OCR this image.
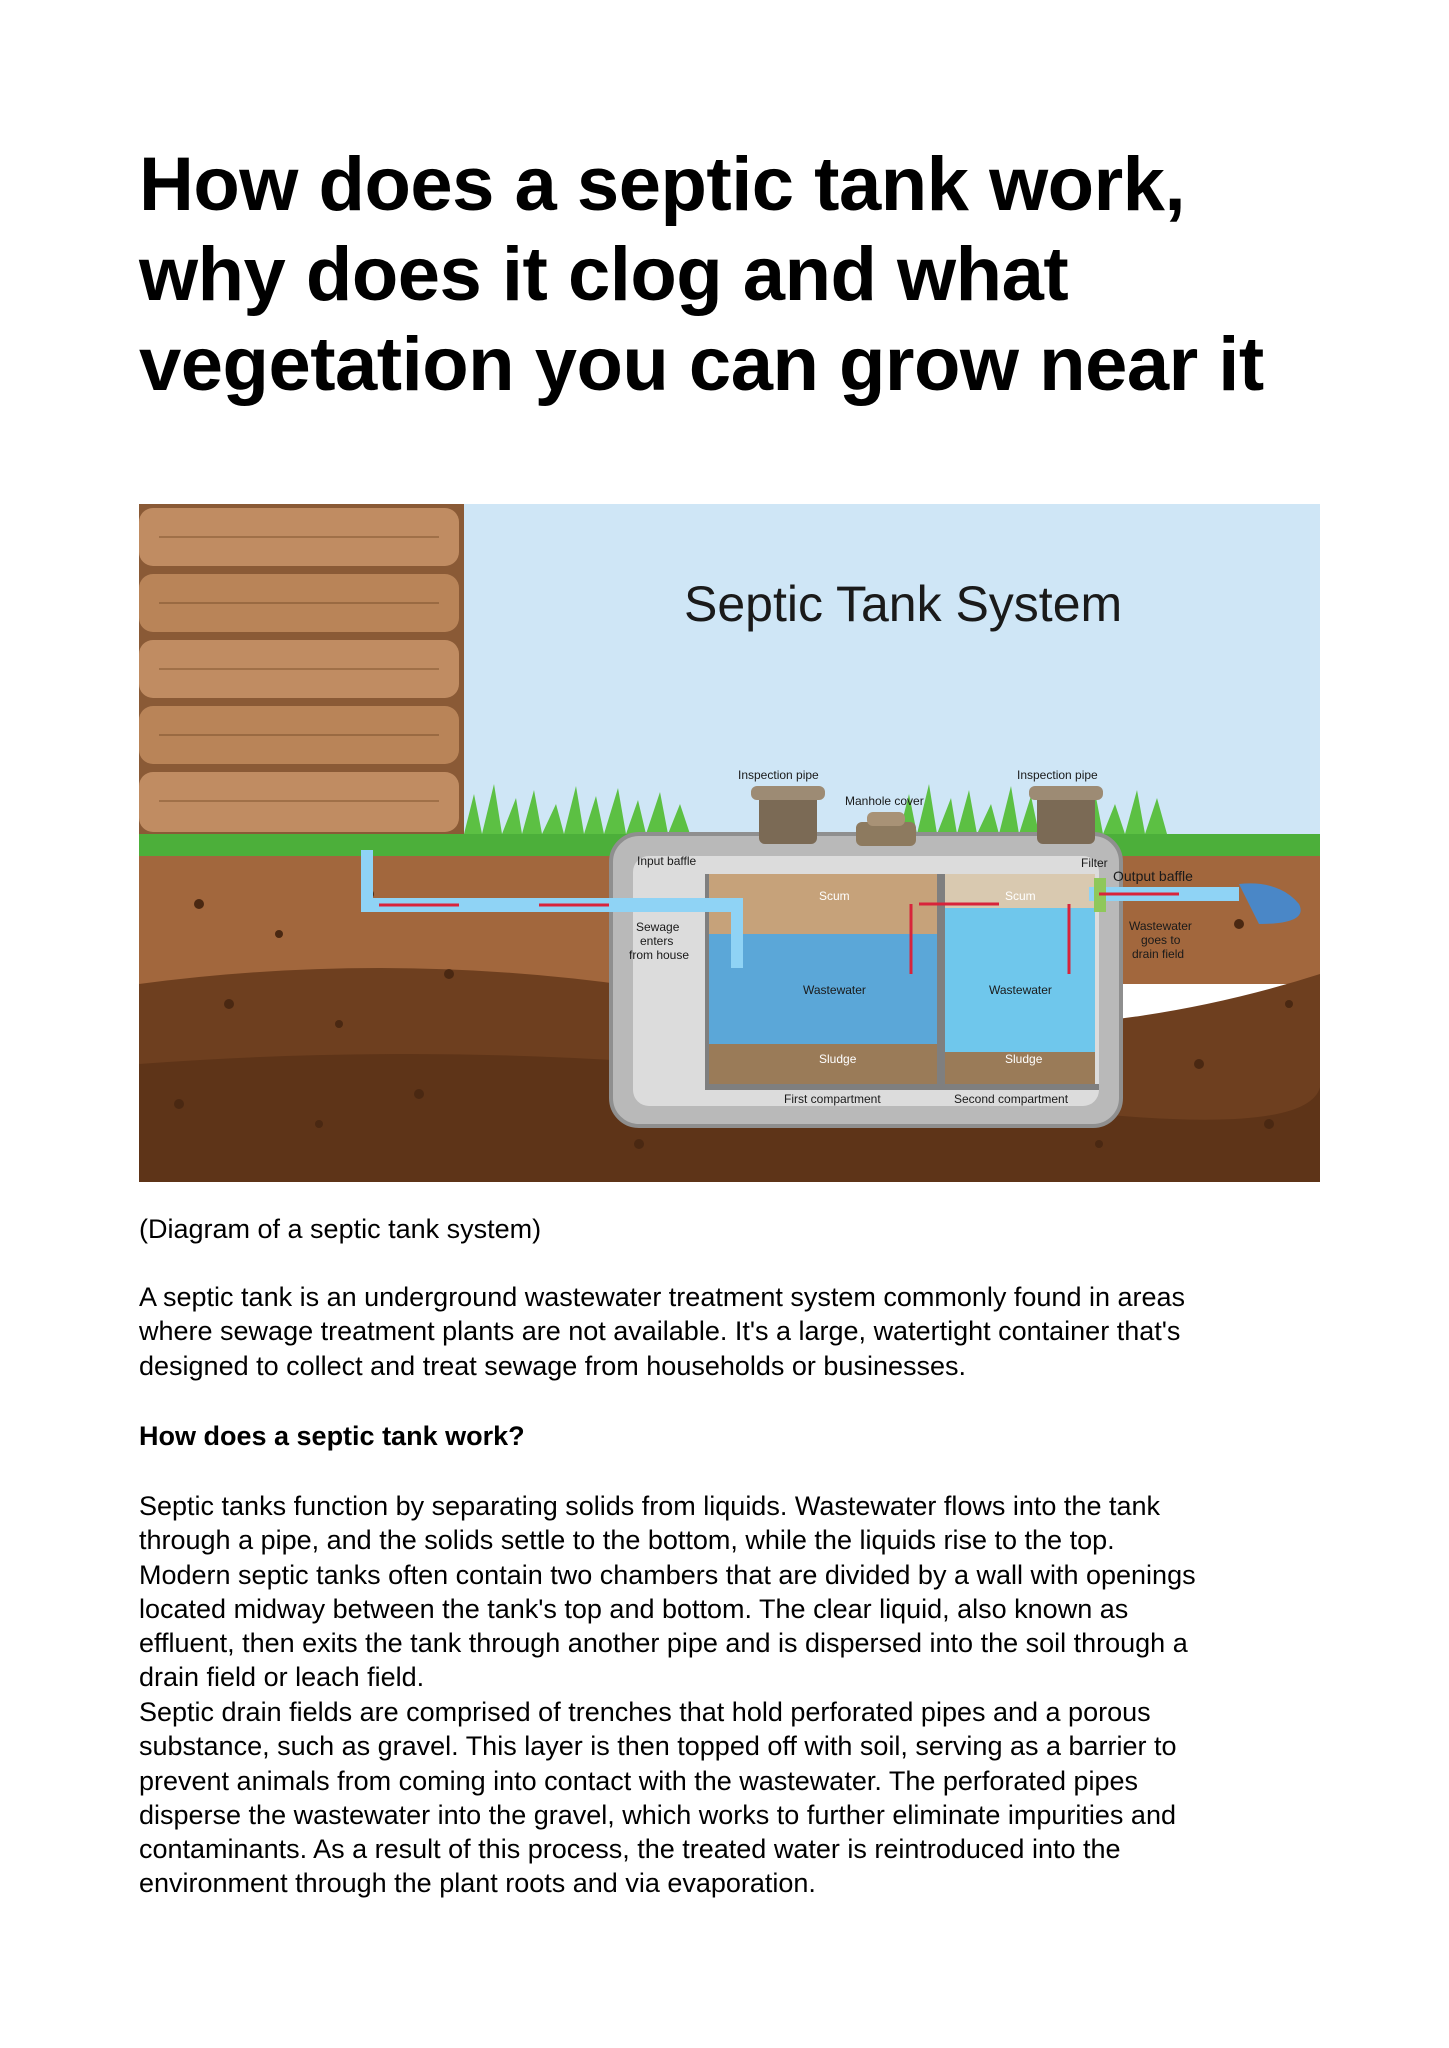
How does a septic tank work,
why does it clog and what
vegetation you can grow near it
Septic Tank System
Inspection pipe
Manhole cover
Inspection pipe
Input baffle	Filter
Output baffle
Sewage
enters
from house
Scum	Scum
Wastewater	Wastewater
Sludge	Sludge
Wastewater
goes to
drain field
First compartment	Second compartment

(Diagram of a septic tank system)

A septic tank is an underground wastewater treatment system commonly found in areas
where sewage treatment plants are not available. It's a large, watertight container that's
designed to collect and treat sewage from households or businesses.

How does a septic tank work?

Septic tanks function by separating solids from liquids. Wastewater flows into the tank
through a pipe, and the solids settle to the bottom, while the liquids rise to the top.
Modern septic tanks often contain two chambers that are divided by a wall with openings
located midway between the tank's top and bottom. The clear liquid, also known as
effluent, then exits the tank through another pipe and is dispersed into the soil through a
drain field or leach field.

Septic drain fields are comprised of trenches that hold perforated pipes and a porous
substance, such as gravel. This layer is then topped off with soil, serving as a barrier to
prevent animals from coming into contact with the wastewater. The perforated pipes
disperse the wastewater into the gravel, which works to further eliminate impurities and
contaminants. As a result of this process, the treated water is reintroduced into the
environment through the plant roots and via evaporation.
